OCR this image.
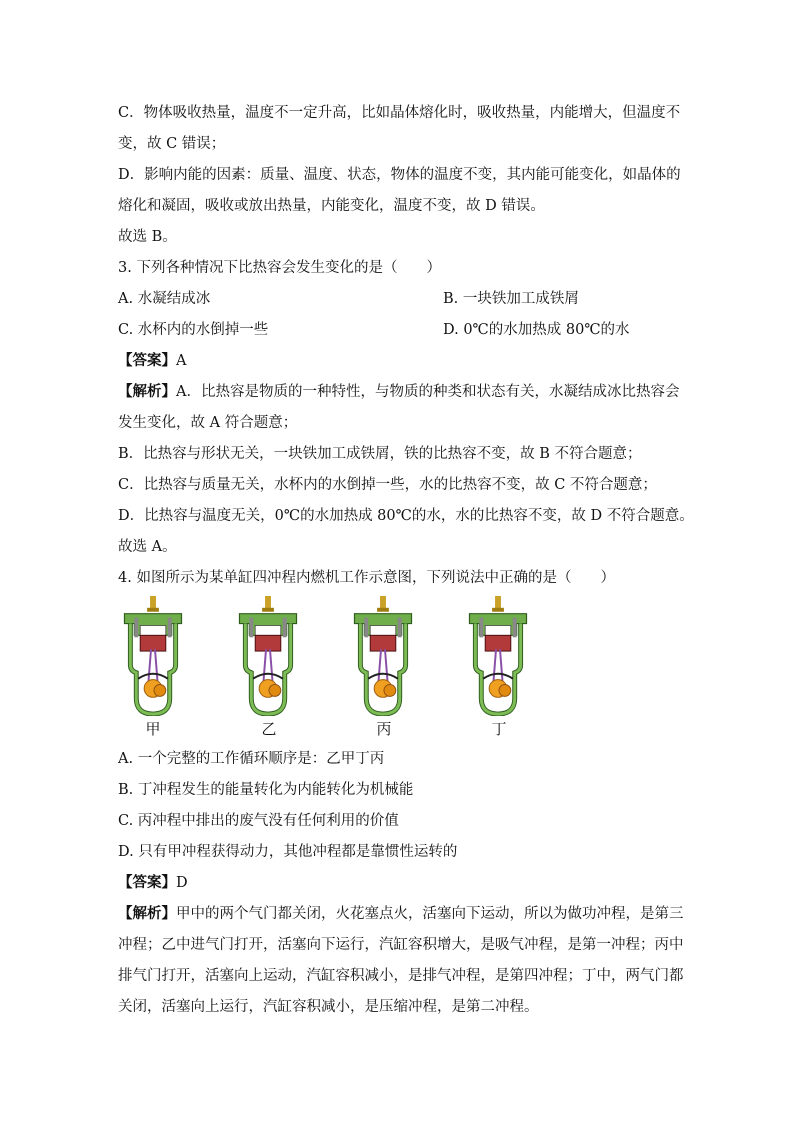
C．物体吸收热量，温度不一定升高，比如晶体熔化时，吸收热量，内能增大，但温度不
变，故 C 错误；
D．影响内能的因素：质量、温度、状态，物体的温度不变，其内能可能变化，如晶体的
熔化和凝固，吸收或放出热量，内能变化，温度不变，故 D 错误。
故选 B。
3. 下列各种情况下比热容会发生变化的是（　　）
A. 水凝结成冰	B. 一块铁加工成铁屑
C. 水杯内的水倒掉一些	D. 0℃的水加热成 80℃的水
【答案】A
【解析】A．比热容是物质的一种特性，与物质的种类和状态有关，水凝结成冰比热容会
发生变化，故 A 符合题意；
B．比热容与形状无关，一块铁加工成铁屑，铁的比热容不变，故 B 不符合题意；
C．比热容与质量无关，水杯内的水倒掉一些，水的比热容不变，故 C 不符合题意；
D．比热容与温度无关，0℃的水加热成 80℃的水，水的比热容不变，故 D 不符合题意。
故选 A。
4. 如图所示为某单缸四冲程内燃机工作示意图，下列说法中正确的是（　　）
甲	乙	丙	丁
A. 一个完整的工作循环顺序是：乙甲丁丙
B. 丁冲程发生的能量转化为内能转化为机械能
C. 丙冲程中排出的废气没有任何利用的价值
D. 只有甲冲程获得动力，其他冲程都是靠惯性运转的
【答案】D
【解析】甲中的两个气门都关闭，火花塞点火，活塞向下运动，所以为做功冲程，是第三
冲程；乙中进气门打开，活塞向下运行，汽缸容积增大，是吸气冲程，是第一冲程；丙中
排气门打开，活塞向上运动，汽缸容积减小，是排气冲程，是第四冲程；丁中，两气门都
关闭，活塞向上运行，汽缸容积减小，是压缩冲程，是第二冲程。
